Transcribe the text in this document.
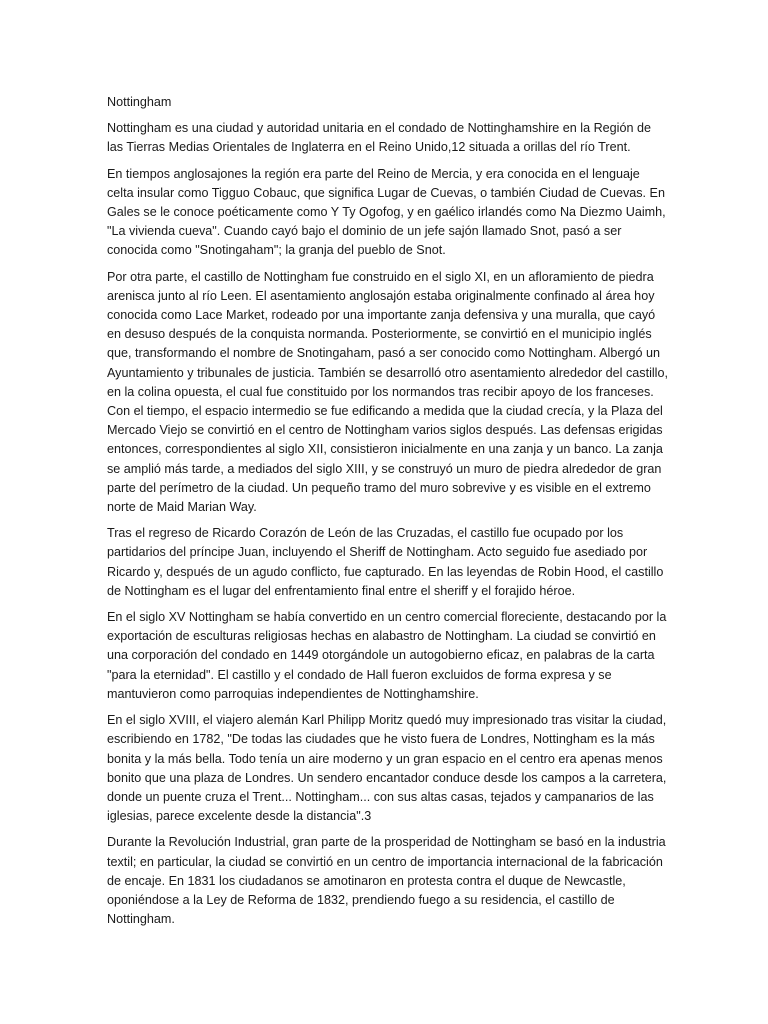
Nottingham

Nottingham es una ciudad y autoridad unitaria en el condado de Nottinghamshire en la Región de las Tierras Medias Orientales de Inglaterra en el Reino Unido,12 situada a orillas del río Trent.

En tiempos anglosajones la región era parte del Reino de Mercia, y era conocida en el lenguaje celta insular como Tigguo Cobauc, que significa Lugar de Cuevas, o también Ciudad de Cuevas. En Gales se le conoce poéticamente como Y Ty Ogofog, y en gaélico irlandés como Na Diezmo Uaimh, "La vivienda cueva". Cuando cayó bajo el dominio de un jefe sajón llamado Snot, pasó a ser conocida como "Snotingaham"; la granja del pueblo de Snot.

Por otra parte, el castillo de Nottingham fue construido en el siglo XI, en un afloramiento de piedra arenisca junto al río Leen. El asentamiento anglosajón estaba originalmente confinado al área hoy conocida como Lace Market, rodeado por una importante zanja defensiva y una muralla, que cayó en desuso después de la conquista normanda. Posteriormente, se convirtió en el municipio inglés que, transformando el nombre de Snotingaham, pasó a ser conocido como Nottingham. Albergó un Ayuntamiento y tribunales de justicia. También se desarrolló otro asentamiento alrededor del castillo, en la colina opuesta, el cual fue constituido por los normandos tras recibir apoyo de los franceses. Con el tiempo, el espacio intermedio se fue edificando a medida que la ciudad crecía, y la Plaza del Mercado Viejo se convirtió en el centro de Nottingham varios siglos después. Las defensas erigidas entonces, correspondientes al siglo XII, consistieron inicialmente en una zanja y un banco. La zanja se amplió más tarde, a mediados del siglo XIII, y se construyó un muro de piedra alrededor de gran parte del perímetro de la ciudad. Un pequeño tramo del muro sobrevive y es visible en el extremo norte de Maid Marian Way.

Tras el regreso de Ricardo Corazón de León de las Cruzadas, el castillo fue ocupado por los partidarios del príncipe Juan, incluyendo el Sheriff de Nottingham. Acto seguido fue asediado por Ricardo y, después de un agudo conflicto, fue capturado. En las leyendas de Robin Hood, el castillo de Nottingham es el lugar del enfrentamiento final entre el sheriff y el forajido héroe.

En el siglo XV Nottingham se había convertido en un centro comercial floreciente, destacando por la exportación de esculturas religiosas hechas en alabastro de Nottingham. La ciudad se convirtió en una corporación del condado en 1449 otorgándole un autogobierno eficaz, en palabras de la carta "para la eternidad". El castillo y el condado de Hall fueron excluidos de forma expresa y se mantuvieron como parroquias independientes de Nottinghamshire.

En el siglo XVIII, el viajero alemán Karl Philipp Moritz quedó muy impresionado tras visitar la ciudad, escribiendo en 1782, "De todas las ciudades que he visto fuera de Londres, Nottingham es la más bonita y la más bella. Todo tenía un aire moderno y un gran espacio en el centro era apenas menos bonito que una plaza de Londres. Un sendero encantador conduce desde los campos a la carretera, donde un puente cruza el Trent... Nottingham... con sus altas casas, tejados y campanarios de las iglesias, parece excelente desde la distancia".3

Durante la Revolución Industrial, gran parte de la prosperidad de Nottingham se basó en la industria textil; en particular, la ciudad se convirtió en un centro de importancia internacional de la fabricación de encaje. En 1831 los ciudadanos se amotinaron en protesta contra el duque de Newcastle, oponiéndose a la Ley de Reforma de 1832, prendiendo fuego a su residencia, el castillo de Nottingham.
